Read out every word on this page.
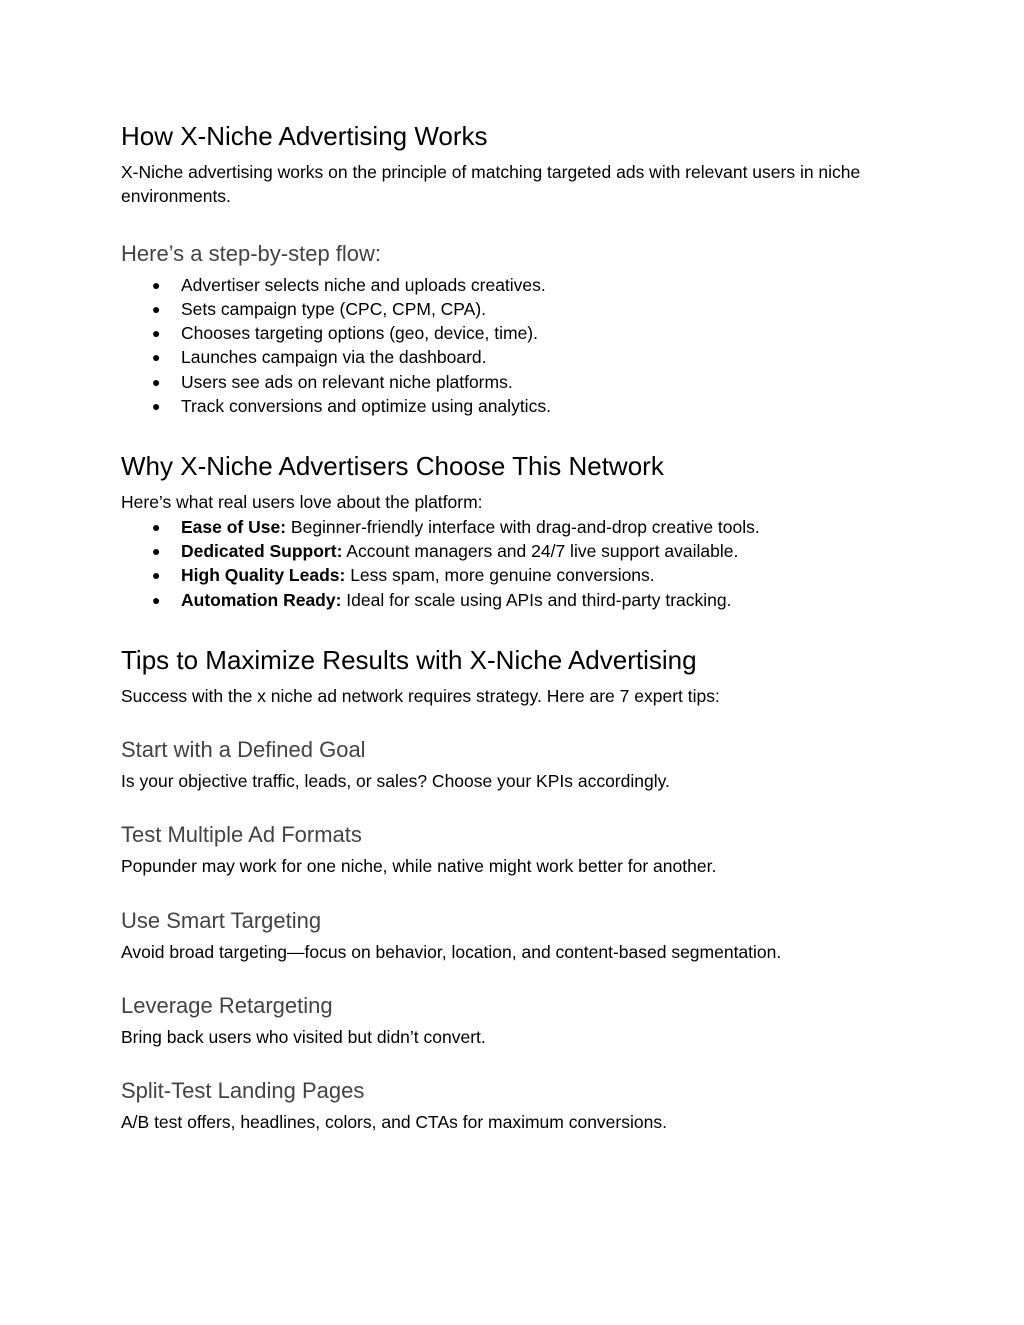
How X-Niche Advertising Works

X-Niche advertising works on the principle of matching targeted ads with relevant users in niche environments.

Here’s a step-by-step flow:
● Advertiser selects niche and uploads creatives.
● Sets campaign type (CPC, CPM, CPA).
● Chooses targeting options (geo, device, time).
● Launches campaign via the dashboard.
● Users see ads on relevant niche platforms.
● Track conversions and optimize using analytics.
Why X-Niche Advertisers Choose This Network

Here’s what real users love about the platform:

● Ease of Use: Beginner-friendly interface with drag-and-drop creative tools.
● Dedicated Support: Account managers and 24/7 live support available.
● High Quality Leads: Less spam, more genuine conversions.
● Automation Ready: Ideal for scale using APIs and third-party tracking.
Tips to Maximize Results with X-Niche Advertising

Success with the x niche ad network requires strategy. Here are 7 expert tips:

Start with a Defined Goal

Is your objective traffic, leads, or sales? Choose your KPIs accordingly.

Test Multiple Ad Formats

Popunder may work for one niche, while native might work better for another.

Use Smart Targeting

Avoid broad targeting—focus on behavior, location, and content-based segmentation.

Leverage Retargeting

Bring back users who visited but didn’t convert.

Split-Test Landing Pages

A/B test offers, headlines, colors, and CTAs for maximum conversions.
